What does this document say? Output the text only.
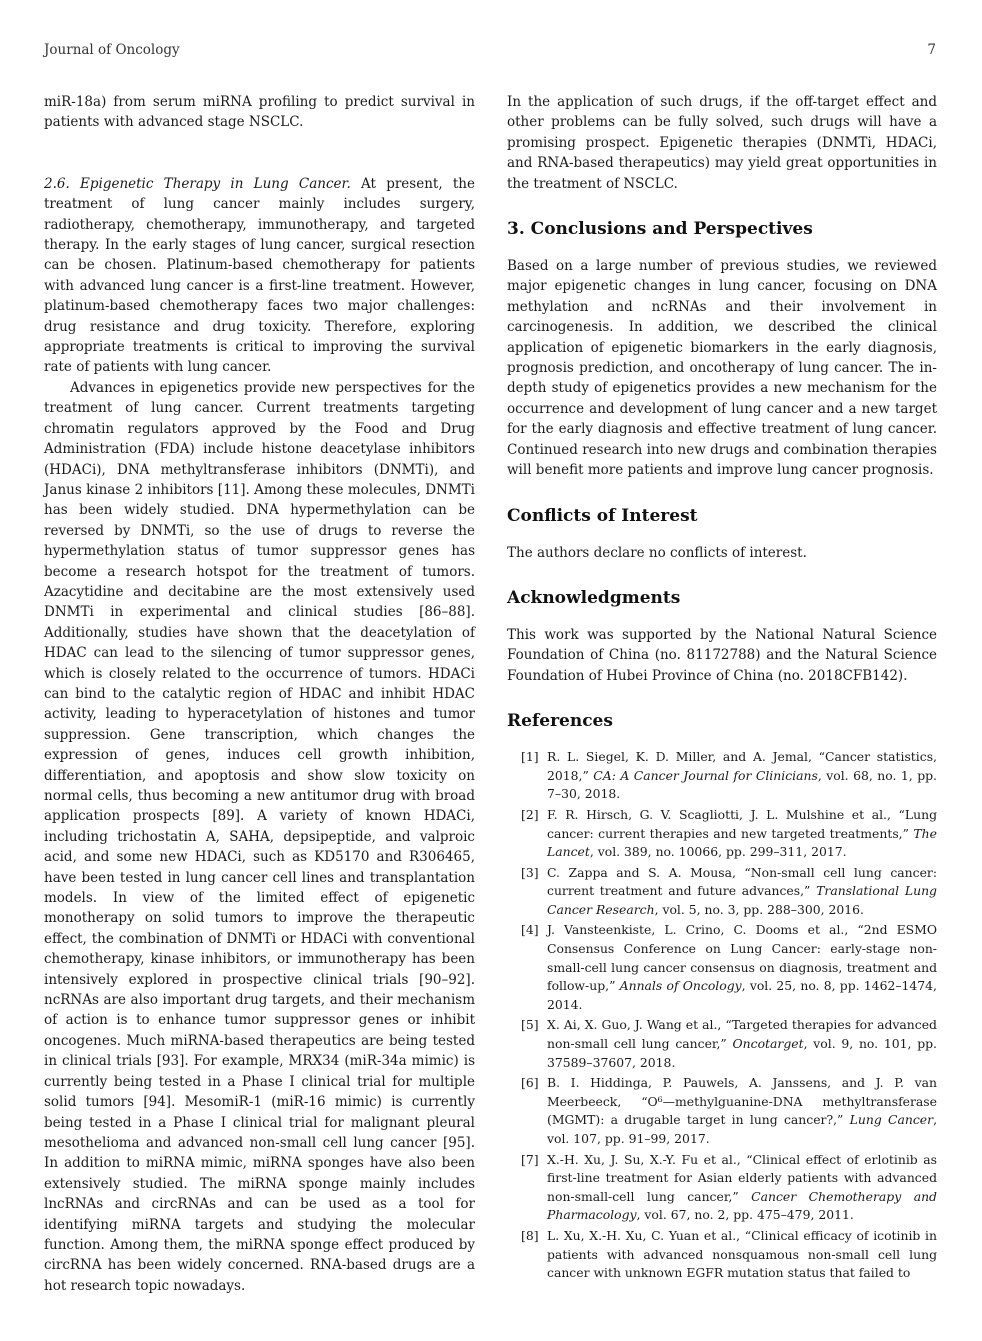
Journal of Oncology	7

miR-18a) from serum miRNA profiling to predict survival in patients with advanced stage NSCLC.

2.6. Epigenetic Therapy in Lung Cancer. At present, the treatment of lung cancer mainly includes surgery, radiotherapy, chemotherapy, immunotherapy, and targeted therapy. In the early stages of lung cancer, surgical resection can be chosen. Platinum-based chemotherapy for patients with advanced lung cancer is a first-line treatment. However, platinum-based chemotherapy faces two major challenges: drug resistance and drug toxicity. Therefore, exploring appropriate treatments is critical to improving the survival rate of patients with lung cancer.

Advances in epigenetics provide new perspectives for the treatment of lung cancer. Current treatments targeting chromatin regulators approved by the Food and Drug Administration (FDA) include histone deacetylase inhibitors (HDACi), DNA methyltransferase inhibitors (DNMTi), and Janus kinase 2 inhibitors [11]. Among these molecules, DNMTi has been widely studied. DNA hypermethylation can be reversed by DNMTi, so the use of drugs to reverse the hypermethylation status of tumor suppressor genes has become a research hotspot for the treatment of tumors. Azacytidine and decitabine are the most extensively used DNMTi in experimental and clinical studies [86–88]. Additionally, studies have shown that the deacetylation of HDAC can lead to the silencing of tumor suppressor genes, which is closely related to the occurrence of tumors. HDACi can bind to the catalytic region of HDAC and inhibit HDAC activity, leading to hyperacetylation of histones and tumor suppression. Gene transcription, which changes the expression of genes, induces cell growth inhibition, differentiation, and apoptosis and show slow toxicity on normal cells, thus becoming a new antitumor drug with broad application prospects [89]. A variety of known HDACi, including trichostatin A, SAHA, depsipeptide, and valproic acid, and some new HDACi, such as KD5170 and R306465, have been tested in lung cancer cell lines and transplantation models. In view of the limited effect of epigenetic monotherapy on solid tumors to improve the therapeutic effect, the combination of DNMTi or HDACi with conventional chemotherapy, kinase inhibitors, or immunotherapy has been intensively explored in prospective clinical trials [90–92]. ncRNAs are also important drug targets, and their mechanism of action is to enhance tumor suppressor genes or inhibit oncogenes. Much miRNA-based therapeutics are being tested in clinical trials [93]. For example, MRX34 (miR-34a mimic) is currently being tested in a Phase I clinical trial for multiple solid tumors [94]. MesomiR-1 (miR-16 mimic) is currently being tested in a Phase I clinical trial for malignant pleural mesothelioma and advanced non-small cell lung cancer [95]. In addition to miRNA mimic, miRNA sponges have also been extensively studied. The miRNA sponge mainly includes lncRNAs and circRNAs and can be used as a tool for identifying miRNA targets and studying the molecular function. Among them, the miRNA sponge effect produced by circRNA has been widely concerned. RNA-based drugs are a hot research topic nowadays.

In the application of such drugs, if the off-target effect and other problems can be fully solved, such drugs will have a promising prospect. Epigenetic therapies (DNMTi, HDACi, and RNA-based therapeutics) may yield great opportunities in the treatment of NSCLC.

3. Conclusions and Perspectives

Based on a large number of previous studies, we reviewed major epigenetic changes in lung cancer, focusing on DNA methylation and ncRNAs and their involvement in carcinogenesis. In addition, we described the clinical application of epigenetic biomarkers in the early diagnosis, prognosis prediction, and oncotherapy of lung cancer. The in-depth study of epigenetics provides a new mechanism for the occurrence and development of lung cancer and a new target for the early diagnosis and effective treatment of lung cancer. Continued research into new drugs and combination therapies will benefit more patients and improve lung cancer prognosis.

Conflicts of Interest

The authors declare no conflicts of interest.

Acknowledgments

This work was supported by the National Natural Science Foundation of China (no. 81172788) and the Natural Science Foundation of Hubei Province of China (no. 2018CFB142).

References
[1] R. L. Siegel, K. D. Miller, and A. Jemal, “Cancer statistics, 2018,” CA: A Cancer Journal for Clinicians, vol. 68, no. 1, pp. 7–30, 2018.
[2] F. R. Hirsch, G. V. Scagliotti, J. L. Mulshine et al., “Lung cancer: current therapies and new targeted treatments,” The Lancet, vol. 389, no. 10066, pp. 299–311, 2017.
[3] C. Zappa and S. A. Mousa, “Non-small cell lung cancer: current treatment and future advances,” Translational Lung Cancer Research, vol. 5, no. 3, pp. 288–300, 2016.
[4] J. Vansteenkiste, L. Crino, C. Dooms et al., “2nd ESMO Consensus Conference on Lung Cancer: early-stage non-small-cell lung cancer consensus on diagnosis, treatment and follow-up,” Annals of Oncology, vol. 25, no. 8, pp. 1462–1474, 2014.
[5] X. Ai, X. Guo, J. Wang et al., “Targeted therapies for advanced non-small cell lung cancer,” Oncotarget, vol. 9, no. 101, pp. 37589–37607, 2018.
[6] B. I. Hiddinga, P. Pauwels, A. Janssens, and J. P. van Meerbeeck, “O⁶—methylguanine-DNA methyltransferase (MGMT): a drugable target in lung cancer?,” Lung Cancer, vol. 107, pp. 91–99, 2017.
[7] X.-H. Xu, J. Su, X.-Y. Fu et al., “Clinical effect of erlotinib as first-line treatment for Asian elderly patients with advanced non-small-cell lung cancer,” Cancer Chemotherapy and Pharmacology, vol. 67, no. 2, pp. 475–479, 2011.
[8] L. Xu, X.-H. Xu, C. Yuan et al., “Clinical efficacy of icotinib in patients with advanced nonsquamous non-small cell lung cancer with unknown EGFR mutation status that failed to
